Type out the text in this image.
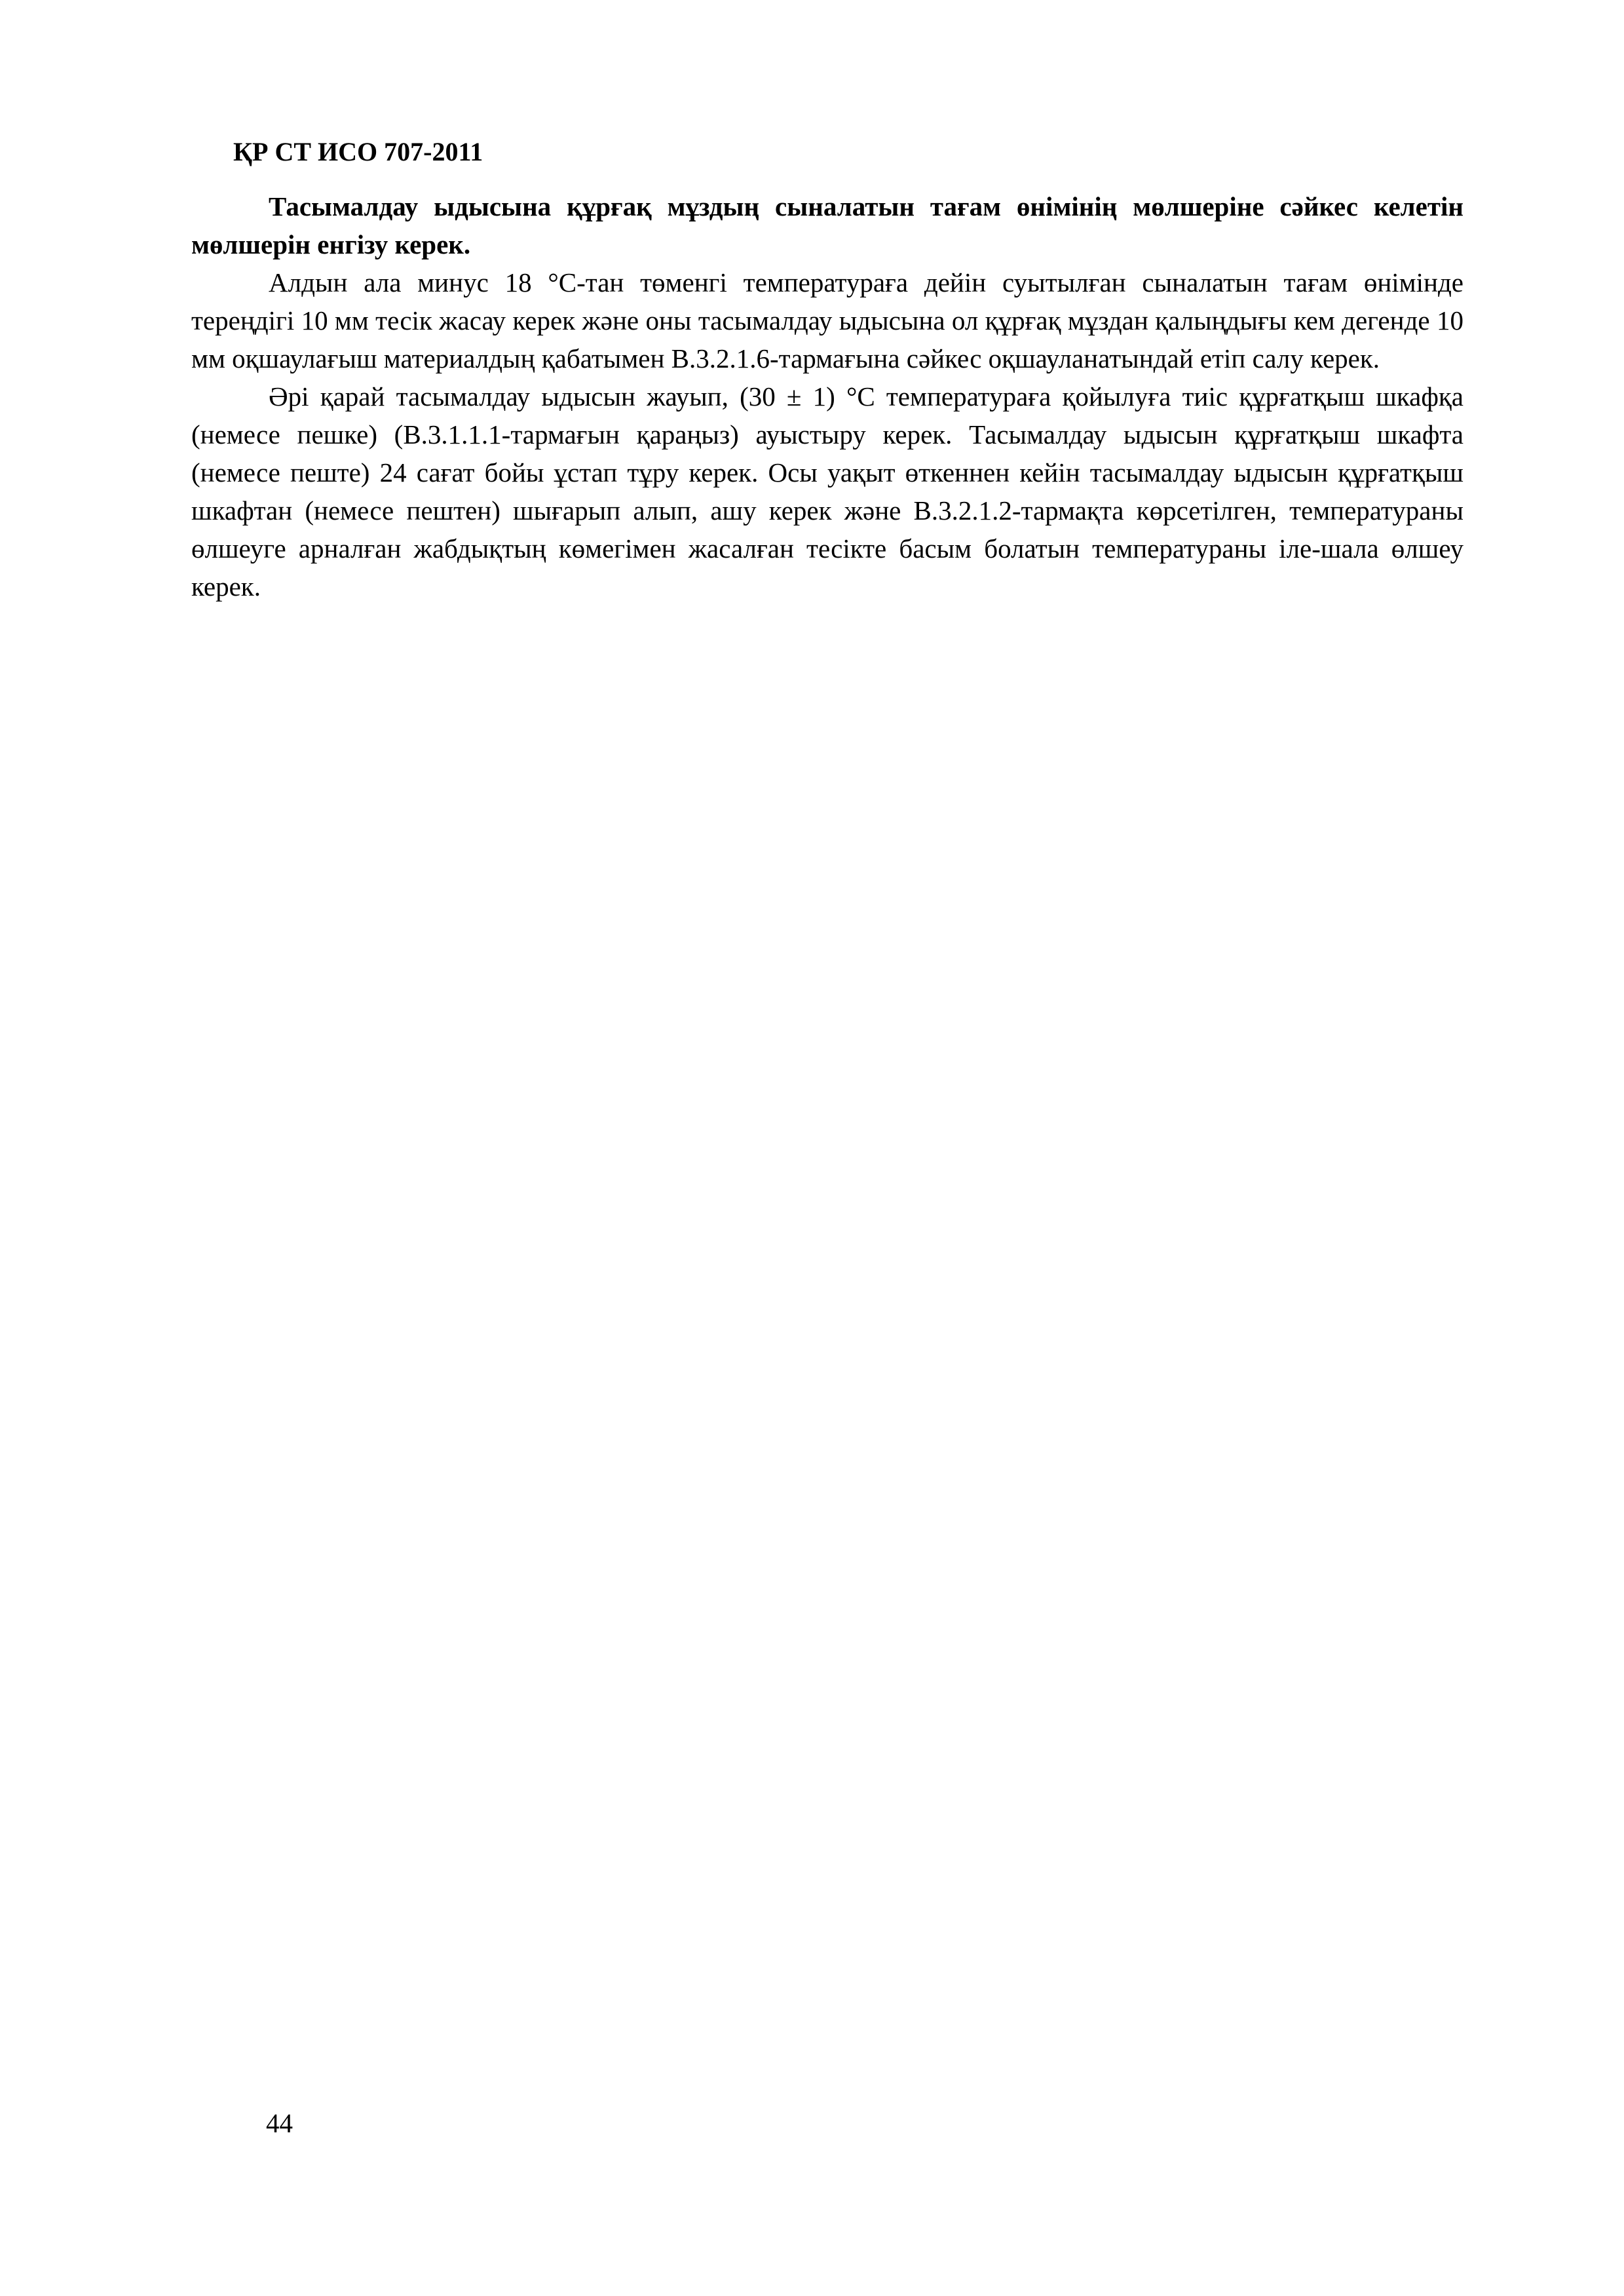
ҚР СТ ИСО 707-2011

Тасымалдау ыдысына құрғақ мұздың сыналатын тағам өнімінің мөлшеріне сәйкес келетін мөлшерін енгізу керек.

Алдын ала минус 18 °С-тан төменгі температураға дейін суытылған сыналатын тағам өнімінде тереңдігі 10 мм тесік жасау керек және оны тасымалдау ыдысына ол құрғақ мұздан қалыңдығы кем дегенде 10 мм оқшаулағыш материалдың қабатымен В.3.2.1.6-тармағына сәйкес оқшауланатындай етіп салу керек.

Әрі қарай тасымалдау ыдысын жауып, (30 ± 1) °С температураға қойылуға тиіс құрғатқыш шкафқа (немесе пешке) (В.3.1.1.1-тармағын қараңыз) ауыстыру керек. Тасымалдау ыдысын құрғатқыш шкафта (немесе пеште) 24 сағат бойы ұстап тұру керек. Осы уақыт өткеннен кейін тасымалдау ыдысын құрғатқыш шкафтан (немесе пештен) шығарып алып, ашу керек және В.3.2.1.2-тармақта көрсетілген, температураны өлшеуге арналған жабдықтың көмегімен жасалған тесікте басым болатын температураны іле-шала өлшеу керек.

44
